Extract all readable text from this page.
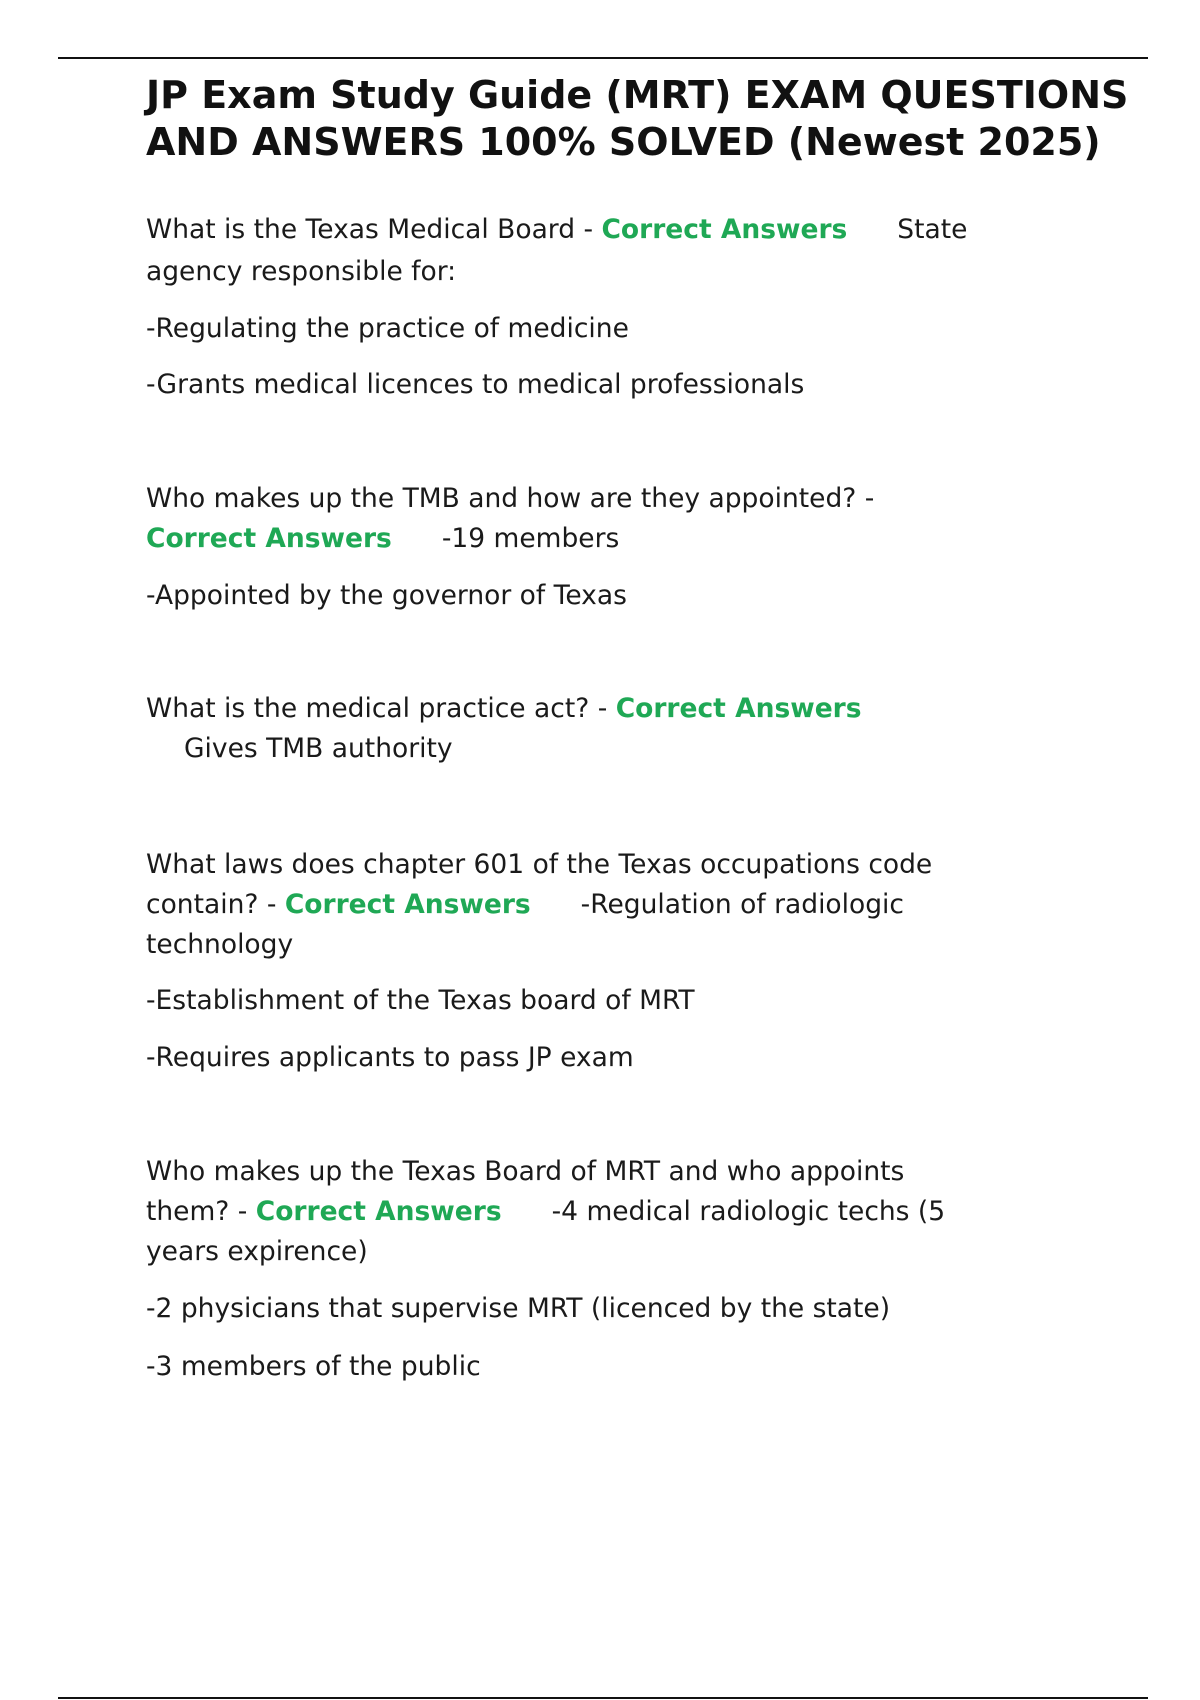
JP Exam Study Guide (MRT) EXAM QUESTIONS AND ANSWERS 100% SOLVED (Newest 2025)
What is the Texas Medical Board - Correct Answers State
agency responsible for:
-Regulating the practice of medicine
-Grants medical licences to medical professionals
Who makes up the TMB and how are they appointed? -
Correct Answers -19 members
-Appointed by the governor of Texas
What is the medical practice act? - Correct Answers
Gives TMB authority
What laws does chapter 601 of the Texas occupations code
contain? - Correct Answers -Regulation of radiologic
technology
-Establishment of the Texas board of MRT
-Requires applicants to pass JP exam
Who makes up the Texas Board of MRT and who appoints
them? - Correct Answers -4 medical radiologic techs (5
years expirence)
-2 physicians that supervise MRT (licenced by the state)
-3 members of the public
